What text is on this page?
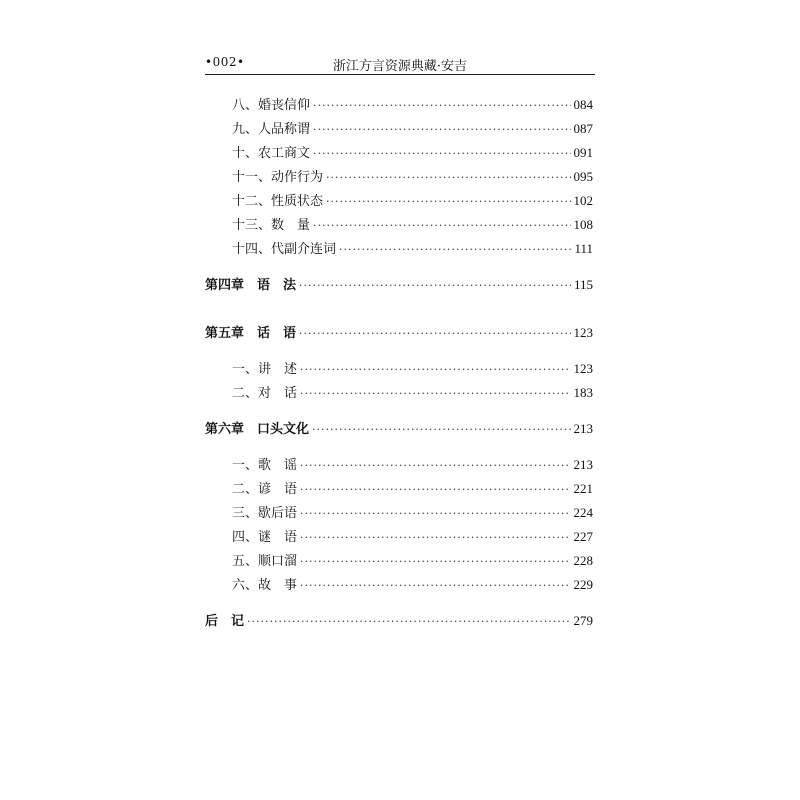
•002•	浙江方言资源典藏·安吉
八、婚丧信仰 ·····	084
九、人品称谓 ·····	087
十、农工商文 ·····	091
十一、动作行为 ·····	095
十二、性质状态 ·····	102
十三、数　量 ·····	108
十四、代副介连词 ·····	111
第四章　语　法 ·····	115
第五章　话　语 ·····	123
一、讲　述 ·····	123
二、对　话 ·····	183
第六章　口头文化 ·····	213
一、歌　谣 ·····	213
二、谚　语 ·····	221
三、歇后语 ·····	224
四、谜　语 ·····	227
五、顺口溜 ·····	228
六、故　事 ·····	229
后　记 ·····	279
